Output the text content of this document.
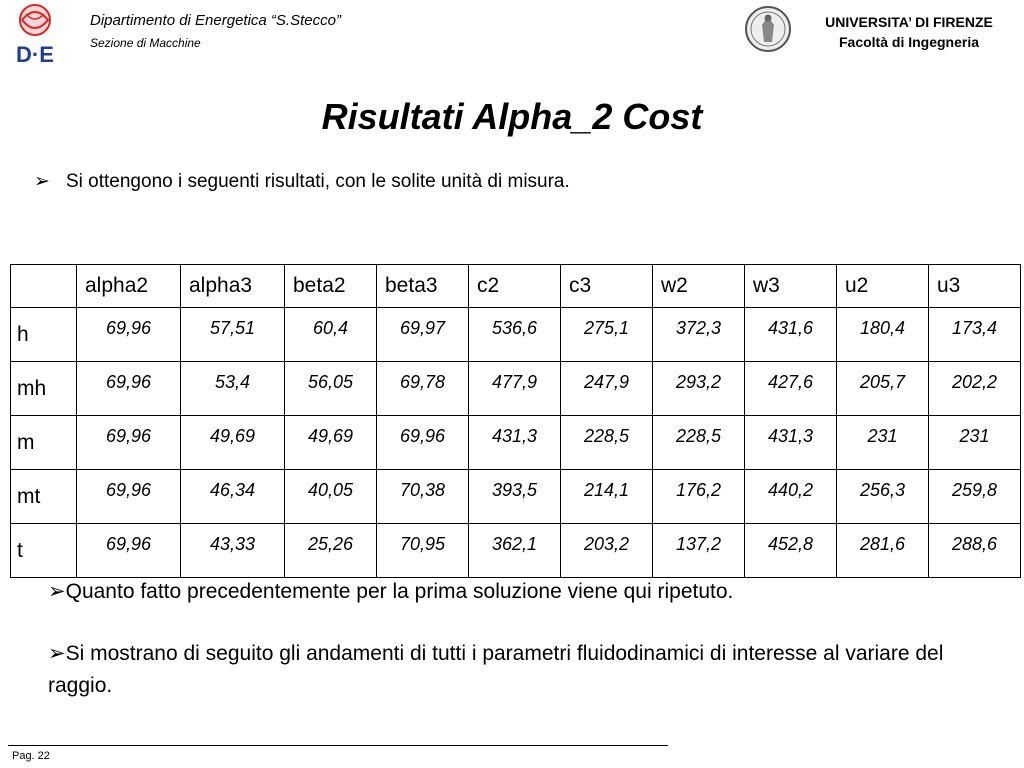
D·E
Dipartimento di Energetica “S.Stecco”
Sezione di Macchine
UNIVERSITA’ DI FIRENZE
Facoltà di Ingegneria
Risultati Alpha_2 Cost
➢ Si ottengono i seguenti risultati, con le solite unità di misura.
	alpha2	alpha3	beta2	beta3	c2	c3	w2	w3	u2	u3
h	69,96	57,51	60,4	69,97	536,6	275,1	372,3	431,6	180,4	173,4
mh	69,96	53,4	56,05	69,78	477,9	247,9	293,2	427,6	205,7	202,2
m	69,96	49,69	49,69	69,96	431,3	228,5	228,5	431,3	231	231
mt	69,96	46,34	40,05	70,38	393,5	214,1	176,2	440,2	256,3	259,8
t	69,96	43,33	25,26	70,95	362,1	203,2	137,2	452,8	281,6	288,6
➢Quanto fatto precedentemente per la prima soluzione viene qui ripetuto.
➢Si mostrano di seguito gli andamenti di tutti i parametri fluidodinamici di interesse al variare del raggio.
Pag. 22
